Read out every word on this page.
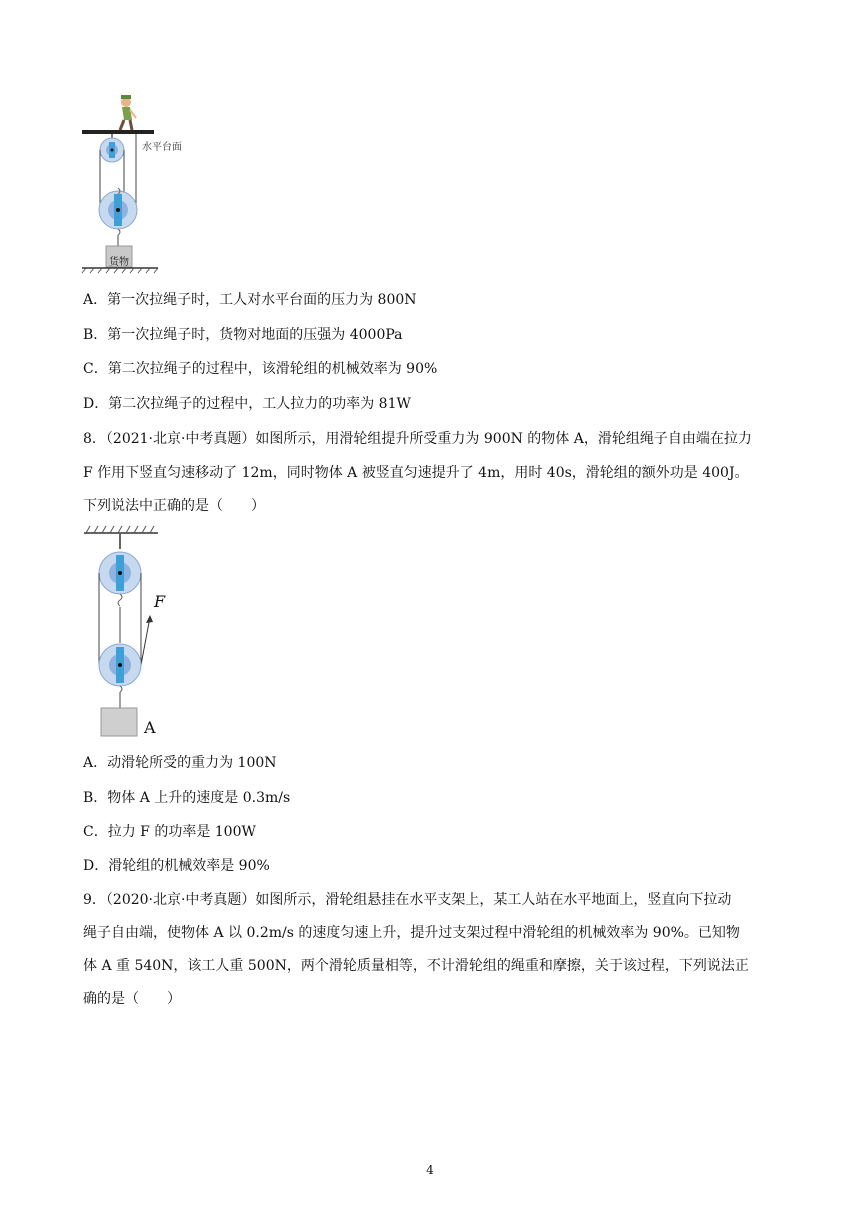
水平台面
货物
A．第一次拉绳子时，工人对水平台面的压力为 800N
B．第一次拉绳子时，货物对地面的压强为 4000Pa
C．第二次拉绳子的过程中，该滑轮组的机械效率为 90%
D．第二次拉绳子的过程中，工人拉力的功率为 81W
8．（2021·北京·中考真题）如图所示，用滑轮组提升所受重力为 900N 的物体 A，滑轮组绳子自由端在拉力
F 作用下竖直匀速移动了 12m，同时物体 A 被竖直匀速提升了 4m，用时 40s，滑轮组的额外功是 400J。
下列说法中正确的是（　　）
F
A
A．动滑轮所受的重力为 100N
B．物体 A 上升的速度是 0.3m/s
C．拉力 F 的功率是 100W
D．滑轮组的机械效率是 90%
9．（2020·北京·中考真题）如图所示，滑轮组悬挂在水平支架上，某工人站在水平地面上，竖直向下拉动
绳子自由端，使物体 A 以 0.2m/s 的速度匀速上升，提升过支架过程中滑轮组的机械效率为 90%。已知物
体 A 重 540N，该工人重 500N，两个滑轮质量相等，不计滑轮组的绳重和摩擦，关于该过程，下列说法正
确的是（　　）
4
